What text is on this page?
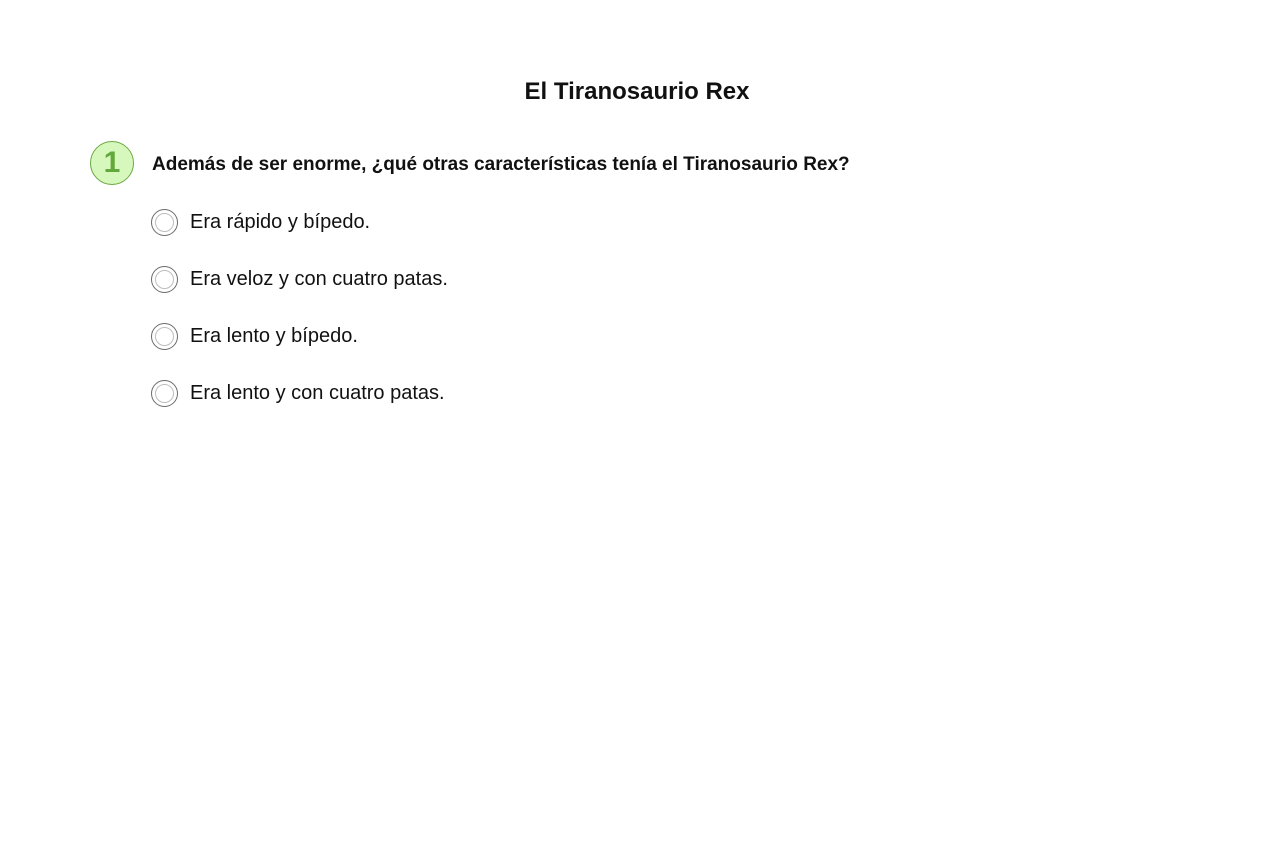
El Tiranosaurio Rex
1	Además de ser enorme, ¿qué otras características tenía el Tiranosaurio Rex?
Era rápido y bípedo.
Era veloz y con cuatro patas.
Era lento y bípedo.
Era lento y con cuatro patas.
